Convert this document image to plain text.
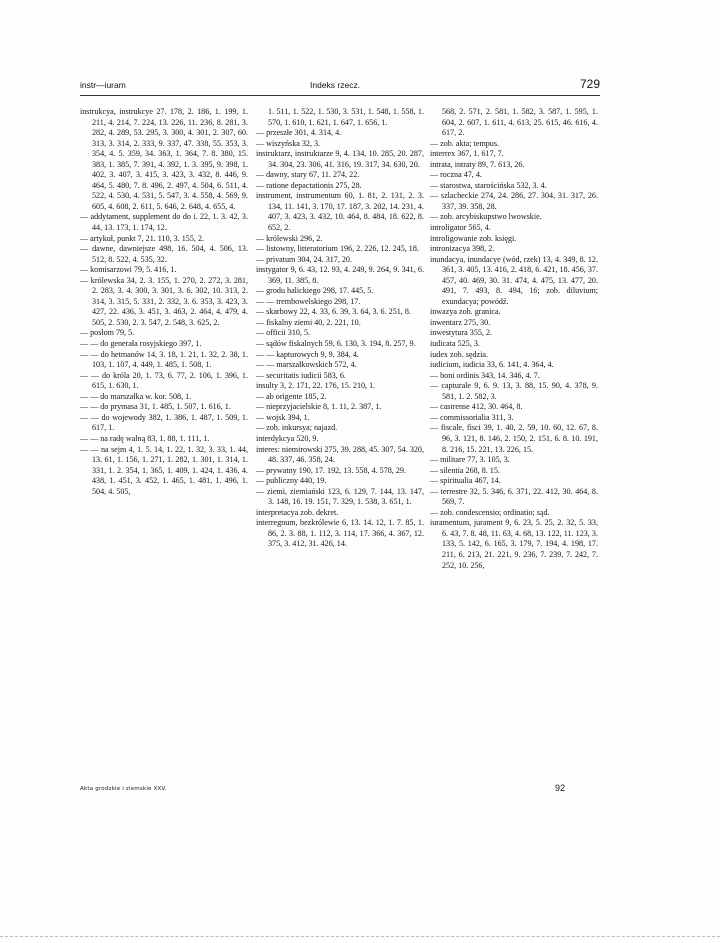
instr—iuram	Indeks rzecz.	729

instrukcya, instrukcye 27. 178, 2. 186, 1. 199, 1. 211, 4. 214, 7. 224, 13. 226, 11. 236, 8. 281, 3. 282, 4. 289, 53. 295, 3. 300, 4. 301, 2. 307, 60. 313, 3. 314, 2. 333, 9. 337, 47. 338, 55. 353, 3. 354, 4. 5. 359, 34. 363, 1. 364, 7. 8. 380, 15. 383, 1. 385, 7. 391, 4. 392, 1. 3. 395, 9. 398, 1. 402, 3. 407, 3. 415, 3. 423, 3. 432, 8. 446, 9. 464, 5. 480, 7. 8. 496, 2. 497, 4. 504, 6. 511, 4. 522, 4. 530, 4. 531, 5. 547, 3. 4. 558, 4. 569, 9. 605, 4. 608, 2. 611, 5. 646, 2. 648, 4. 655, 4.

— addytament, supplement do do i. 22, 1. 3. 42, 3. 44, 13. 173, 1. 174, 12.

— artykuł, punkt 7, 21. 110, 3. 155, 2.

— dawne, dawniejsze 498, 16. 504, 4. 506, 13. 512, 8. 522, 4. 535, 32.

— komisarzowi 79, 5. 416, 1.

— królewska 34, 2. 3. 155, 1. 270, 2. 272, 3. 281, 2. 283, 3. 4. 300, 3. 301, 3. 6. 302, 10. 313, 2. 314, 3. 315, 5. 331, 2. 332, 3. 6. 353, 3. 423, 3. 427, 22. 436, 3. 451, 3. 463, 2. 464, 4. 479, 4. 505, 2. 530, 2. 3. 547, 2. 548, 3. 625, 2.

— posłom 79, 5.

— — do generała rosyjskiego 397, 1.

— — do hetmanów 14, 3. 18, 1. 21, 1. 32, 2. 38, 1. 103, 1. 107, 4. 449, 1. 485, 1. 508, 1.

— — do króla 20, 1. 73, 6. 77, 2. 106, 1. 396, 1. 615, 1. 630, 1.

— — do marszałka w. kor. 508, 1.

— — do prymasa 31, 1. 485, 1. 507, 1. 616, 1.

— — do wojewody 382, 1. 386, 1. 487, 1. 509, 1. 617, 1.

— — na radę walną 83, 1. 88, 1. 111, 1.

— — na sejm 4, 1. 5. 14, 1. 22, 1. 32, 3. 33, 1. 44, 13. 61, 1. 156, 1. 271, 1. 282, 1. 301, 1. 314, 1. 331, 1. 2. 354, 1. 365, 1. 409, 1. 424, 1. 436, 4. 438, 1. 451, 3. 452, 1. 465, 1. 481, 1. 496, 1. 504, 4. 505,

1. 511, 1. 522, 1. 530, 3. 531, 1. 548, 1. 558, 1. 570, 1. 610, 1. 621, 1. 647, 1. 656, 1.

— przeszłe 301, 4. 314, 4.

— wiszyńska 32, 3.

instruktarz, instruktarze 9, 4. 134, 10. 285, 20. 287, 34. 304, 23. 306, 41. 316, 19. 317, 34. 630, 20.

— dawny, stary 67, 11. 274, 22.

— ratione depactationis 275, 28.

instrument, instrumentum 60, 1. 81, 2. 131, 2. 3. 134, 11. 141, 3. 170, 17. 187, 3. 202, 14. 231, 4. 407, 3. 423, 3. 432, 10. 464, 8. 484, 18. 622, 8. 652, 2.

— królewski 296, 2.

— listowny, litteratorium 196, 2. 226, 12. 245, 18.

— privatum 304, 24. 317, 20.

instygator 9, 6. 43, 12. 93, 4. 249, 9. 264, 9. 341, 6. 369, 11. 385, 8.

— grodu halickiego 298, 17. 445, 5.

— — trembowelskiego 298, 17.

— skarbowy 22, 4. 33, 6. 39, 3. 64, 3. 6. 251, 8.

— fiskalny ziemi 40, 2. 221, 10.

— officii 310, 5.

— sądów fiskalnych 59, 6. 130, 3. 194, 8. 257, 9.

— — kapturowych 9, 9. 384, 4.

— — marszałkowskich 572, 4.

— securitatis iudicii 583, 6.

insulty 3, 2. 171, 22. 176, 15. 210, 1.

— ab origente 185, 2.

— nieprzyjacielskie 8, 1. 11, 2. 387, 1.

— wojsk 394, 1.

— zob. inkursya; najazd.

interdykcya 520, 9.

interes: niemirowski 275, 39. 288, 45. 307, 54. 320, 48. 337, 46. 358, 24.

— prywatny 190, 17. 192, 13. 558, 4. 578, 29.

— publiczny 440, 19.

— ziemi, ziemiański 123, 6. 129, 7. 144, 13. 147, 3. 148, 16. 19. 151, 7. 329, 1. 538, 3. 651, 1.

interpretacya zob. dekret.

interregnum, bezkrólewie 6, 13. 14. 12, 1. 7. 85, 1. 86, 2. 3. 88, 1. 112, 3. 114, 17. 366, 4. 367, 12. 375, 3. 412, 31. 426, 14.

568, 2. 571, 2. 581, 1. 582, 3. 587, 1. 595, 1. 604, 2. 607, 1. 611, 4. 613, 25. 615, 46. 616, 4. 617, 2.

— zob. akta; tempus.

interrex 367, 1. 617, 7.

intrata, intraty 89, 7. 613, 26.

— roczna 47, 4.

— starostwa, starościńska 532, 3. 4.

— szlacheckie 274, 24. 286, 27. 304, 31. 317, 26. 337, 39. 358, 28.

— zob. arcybiskupstwo lwowskie.

introligator 565, 4.

introligowanie zob. księgi.

intronizacya 398, 2.

inundacya, inundacye (wód, rzek) 13, 4. 349, 8. 12. 361, 3. 405, 13. 416, 2. 418, 6. 421, 18. 456, 37. 457, 40. 469, 30. 31. 474, 4. 475, 13. 477, 20. 491, 7. 493, 8. 494, 16; zob. diluvium; exundacya; powódź.

inwazya zob. granica.

inwentarz 275, 30.

inwestytura 355, 2.

iudicata 525, 3.

iudex zob. sędzia.

iudicium, iudicia 33, 6. 141, 4. 364, 4.

— boni ordinis 343, 14. 346, 4. 7.

— capturale 9, 6. 9. 13, 3. 88, 15. 90, 4. 378, 9. 581, 1. 2. 582, 3.

— castrense 412, 30. 464, 8.

— commissorialia 311, 3.

— fiscale, fisci 39, 1. 40, 2. 59, 10. 60, 12. 67, 8. 96, 3. 121, 8. 146, 2. 150, 2. 151, 6. 8. 10. 191, 8. 216, 15. 221, 13. 226, 15.

— militare 77, 3. 105, 3.

— silentia 268, 8. 15.

— spiritualia 467, 14.

— terrestre 32, 5. 346, 6. 371, 22. 412, 30. 464, 8. 569, 7.

— zob. condescensio; ordinatio; sąd.

iuramentum, jurament 9, 6. 23, 5. 25, 2. 32, 5. 33, 6. 43, 7. 8. 48, 11. 63, 4. 68, 13. 122, 11. 123, 3. 133, 5. 142, 6. 165, 3. 179, 7. 194, 4. 198, 17. 211, 6. 213, 21. 221, 9. 236, 7. 239, 7. 242, 7. 252, 10. 256,

Akta grodzkie i ziemskie XXV.	92
